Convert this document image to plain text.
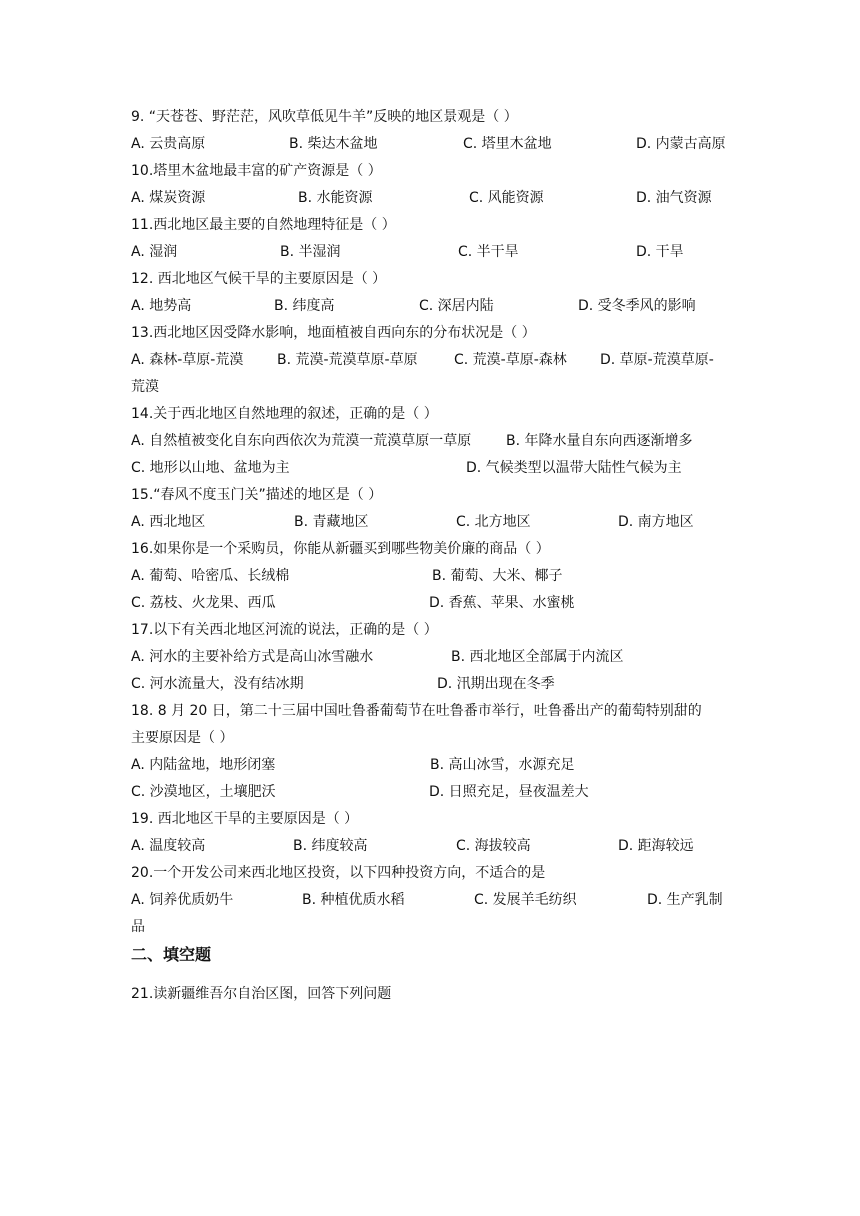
9. “天苍苍、野茫茫，风吹草低见牛羊”反映的地区景观是（ ）
A. 云贵高原	B. 柴达木盆地	C. 塔里木盆地	D. 内蒙古高原
10.塔里木盆地最丰富的矿产资源是（ ）
A. 煤炭资源	B. 水能资源	C. 风能资源	D. 油气资源
11.西北地区最主要的自然地理特征是（ ）
A. 湿润	B. 半湿润	C. 半干旱	D. 干旱
12. 西北地区气候干旱的主要原因是（ ）
A. 地势高	B. 纬度高	C. 深居内陆	D. 受冬季风的影响
13.西北地区因受降水影响，地面植被自西向东的分布状况是（ ）
A. 森林-草原-荒漠 B. 荒漠-荒漠草原-草原	C. 荒漠-草原-森林 D. 草原-荒漠草原-
荒漠
14.关于西北地区自然地理的叙述，正确的是（ ）
A. 自然植被变化自东向西依次为荒漠一荒漠草原一草原 B. 年降水量自东向西逐渐增多
C. 地形以山地、盆地为主	D. 气候类型以温带大陆性气候为主
15.“春风不度玉门关”描述的地区是（ ）
A. 西北地区	B. 青藏地区	C. 北方地区	D. 南方地区
16.如果你是一个采购员，你能从新疆买到哪些物美价廉的商品（ ）
A. 葡萄、哈密瓜、长绒棉	B. 葡萄、大米、椰子
C. 荔枝、火龙果、西瓜	D. 香蕉、苹果、水蜜桃
17.以下有关西北地区河流的说法，正确的是（ ）
A. 河水的主要补给方式是高山冰雪融水	B. 西北地区全部属于内流区
C. 河水流量大，没有结冰期	D. 汛期出现在冬季
18. 8 月 20 日，第二十三届中国吐鲁番葡萄节在吐鲁番市举行，吐鲁番出产的葡萄特别甜的
主要原因是（ ）
A. 内陆盆地，地形闭塞	B. 高山冰雪，水源充足
C. 沙漠地区，土壤肥沃	D. 日照充足，昼夜温差大
19. 西北地区干旱的主要原因是（ ）
A. 温度较高	B. 纬度较高	C. 海拔较高	D. 距海较远
20.一个开发公司来西北地区投资，以下四种投资方向，不适合的是
A. 饲养优质奶牛	B. 种植优质水稻	C. 发展羊毛纺织	D. 生产乳制
品
二、填空题
21.读新疆维吾尔自治区图，回答下列问题
